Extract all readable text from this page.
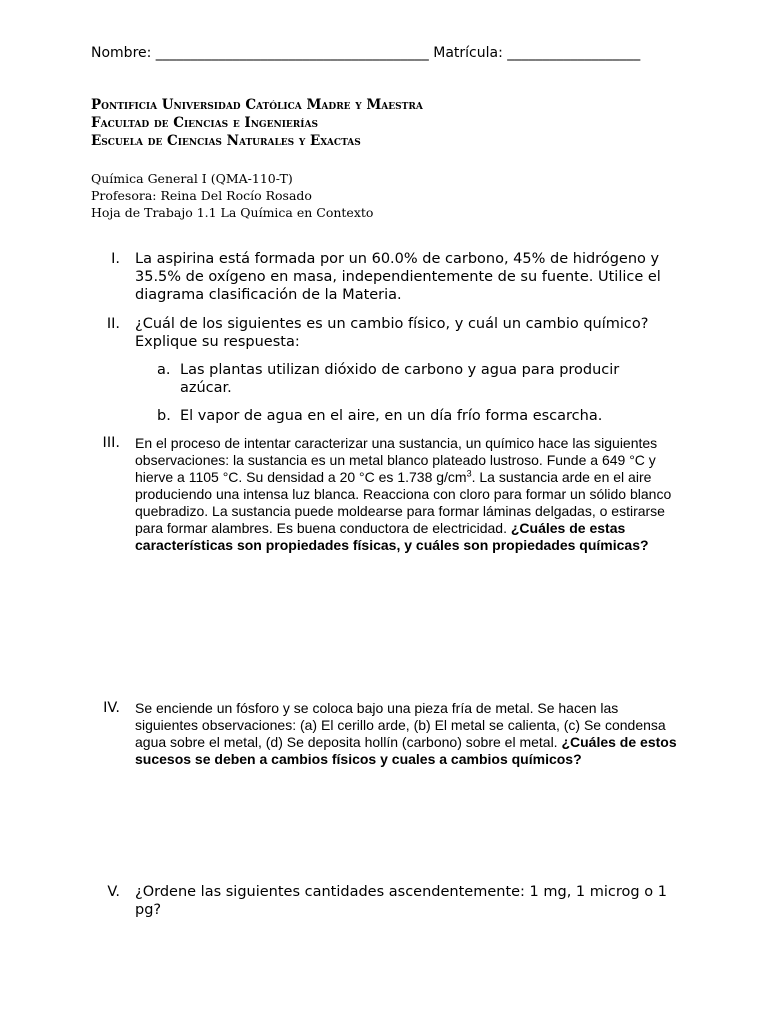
Nombre: _______________________________________ Matrícula: ___________________
Pontificia Universidad Católica Madre y Maestra
Facultad de Ciencias e Ingenierías
Escuela de Ciencias Naturales y Exactas
Química General I (QMA-110-T)
Profesora: Reina Del Rocío Rosado
Hoja de Trabajo 1.1 La Química en Contexto
I.	La aspirina está formada por un 60.0% de carbono, 45% de hidrógeno y 35.5% de oxígeno en masa, independientemente de su fuente. Utilice el diagrama clasificación de la Materia.
II.	¿Cuál de los siguientes es un cambio físico, y cuál un cambio químico? Explique su respuesta:
a. Las plantas utilizan dióxido de carbono y agua para producir azúcar.
b. El vapor de agua en el aire, en un día frío forma escarcha.
III.	En el proceso de intentar caracterizar una sustancia, un químico hace las siguientes observaciones: la sustancia es un metal blanco plateado lustroso. Funde a 649 °C y hierve a 1105 °C. Su densidad a 20 °C es 1.738 $g/cm^3$. La sustancia arde en el aire produciendo una intensa luz blanca. Reacciona con cloro para formar un sólido blanco quebradizo. La sustancia puede moldearse para formar láminas delgadas, o estirarse para formar alambres. Es buena conductora de electricidad. ¿Cuáles de estas características son propiedades físicas, y cuáles son propiedades químicas?
IV.	Se enciende un fósforo y se coloca bajo una pieza fría de metal. Se hacen las siguientes observaciones: (a) El cerillo arde, (b) El metal se calienta, (c) Se condensa agua sobre el metal, (d) Se deposita hollín (carbono) sobre el metal. ¿Cuáles de estos sucesos se deben a cambios físicos y cuales a cambios químicos?
V.	¿Ordene las siguientes cantidades ascendentemente: 1 mg, 1 microg o 1 pg?
